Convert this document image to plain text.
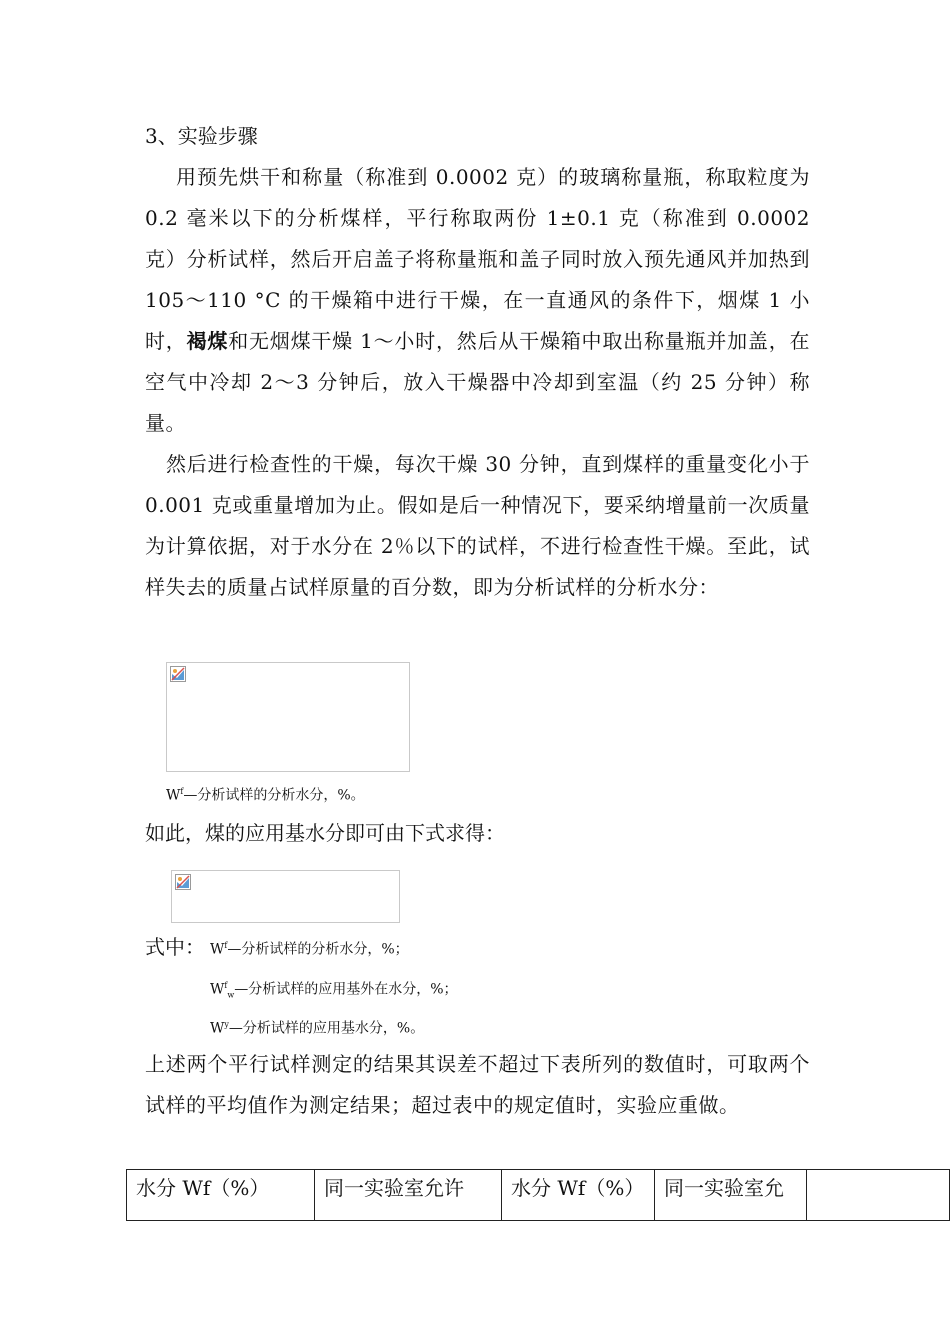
3、实验步骤
用预先烘干和称量（称准到 0.0002 克）的玻璃称量瓶，称取粒度为 0.2 毫米以下的分析煤样，平行称取两份 1±0.1 克（称准到 0.0002 克）分析试样，然后开启盖子将称量瓶和盖子同时放入预先通风并加热到 105～110 °C 的干燥箱中进行干燥，在一直通风的条件下，烟煤 1 小时，褐煤和无烟煤干燥 1～小时，然后从干燥箱中取出称量瓶并加盖，在空气中冷却 2～3 分钟后，放入干燥器中冷却到室温（约 25 分钟）称量。
然后进行检查性的干燥，每次干燥 30 分钟，直到煤样的重量变化小于 0.001 克或重量增加为止。假如是后一种情况下，要采纳增量前一次质量为计算依据，对于水分在 2％以下的试样，不进行检查性干燥。至此，试样失去的质量占试样原量的百分数，即为分析试样的分析水分：
$W^f—$分析试样的分析水分，%。
如此，煤的应用基水分即可由下式求得：
式中： $W^f—$分析试样的分析水分，%；
$W^f_w—$分析试样的应用基外在水分，%；
$W^y—$分析试样的应用基水分，%。
上述两个平行试样测定的结果其误差不超过下表所列的数值时，可取两个试样的平均值作为测定结果；超过表中的规定值时，实验应重做。
水分 Wf（%）	同一实验室允许	水分 Wf（%）	同一实验室允	
